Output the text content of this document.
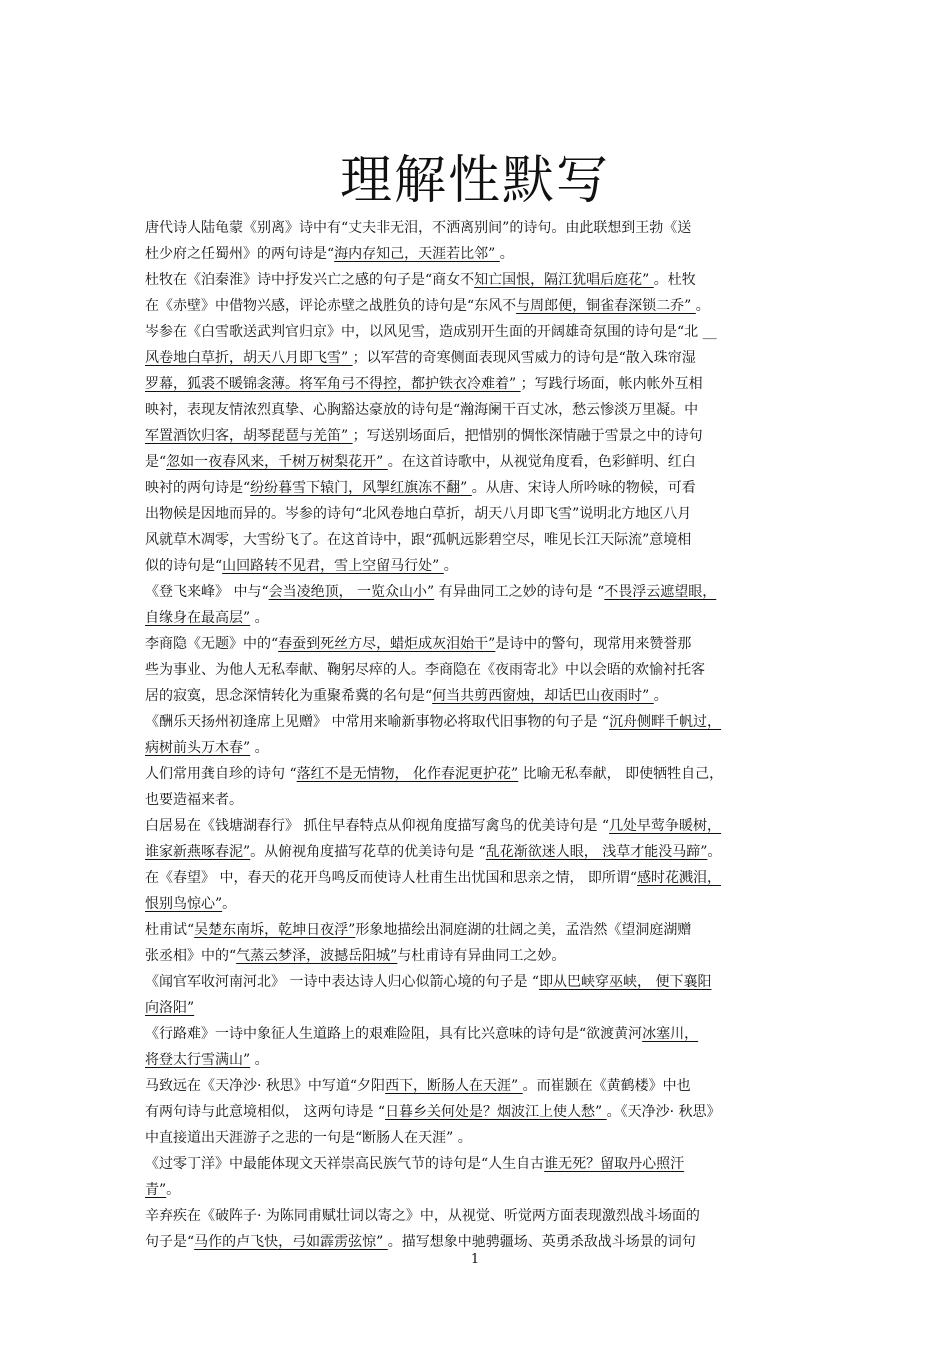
理解性默写
唐代诗人陆龟蒙《别离》诗中有“丈夫非无泪，不洒离别间”的诗句。由此联想到王勃《送
杜少府之任蜀州》的两句诗是“海内存知己，天涯若比邻” 。
杜牧在《泊秦淮》诗中抒发兴亡之感的句子是“商女不知亡国恨，隔江犹唱后庭花” 。杜牧
在《赤壁》中借物兴感，评论赤壁之战胜负的诗句是“东风不与周郎便，铜雀春深锁二乔” 。
岑参在《白雪歌送武判官归京》中，以风见雪，造成别开生面的开阔雄奇氛围的诗句是“北 __
风卷地白草折，胡天八月即飞雪” ；以军营的奇寒侧面表现风雪威力的诗句是“散入珠帘湿
罗幕，狐裘不暖锦衾薄。将军角弓不得控，都护铁衣冷难着” ；写践行场面，帐内帐外互相
映衬，表现友情浓烈真挚、心胸豁达豪放的诗句是“瀚海阑干百丈冰，愁云惨淡万里凝。中
军置酒饮归客，胡琴琵琶与羌笛” ；写送别场面后，把惜别的惆怅深情融于雪景之中的诗句
是“忽如一夜春风来，千树万树梨花开” 。在这首诗歌中，从视觉角度看，色彩鲜明、红白
映衬的两句诗是“纷纷暮雪下辕门，风掣红旗冻不翻” 。从唐、宋诗人所吟咏的物候，可看
出物候是因地而异的。岑参的诗句“北风卷地白草折，胡天八月即飞雪”说明北方地区八月
风就草木凋零，大雪纷飞了。在这首诗中，跟“孤帆远影碧空尽，唯见长江天际流”意境相
似的诗句是“山回路转不见君，雪上空留马行处” 。
《登飞来峰》 中与“会当凌绝顶， 一览众山小” 有异曲同工之妙的诗句是 “不畏浮云遮望眼，
自缘身在最高层” 。
李商隐《无题》中的“春蚕到死丝方尽，蜡炬成灰泪始干”是诗中的警句，现常用来赞誉那
些为事业、为他人无私奉献、鞠躬尽瘁的人。李商隐在《夜雨寄北》中以会晤的欢愉衬托客
居的寂寞，思念深情转化为重聚希冀的名句是“何当共剪西窗烛，却话巴山夜雨时” 。
《酬乐天扬州初逢席上见赠》 中常用来喻新事物必将取代旧事物的句子是 “沉舟侧畔千帆过，
病树前头万木春” 。
人们常用龚自珍的诗句 “落红不是无情物， 化作春泥更护花” 比喻无私奉献， 即使牺牲自己，
也要造福来者。
白居易在《钱塘湖春行》 抓住早春特点从仰视角度描写禽鸟的优美诗句是 “几处早莺争暖树，
谁家新燕啄春泥”。从俯视角度描写花草的优美诗句是 “乱花渐欲迷人眼， 浅草才能没马蹄”。
在《春望》 中，春天的花开鸟鸣反而使诗人杜甫生出忧国和思亲之情， 即所谓“感时花溅泪，
恨别鸟惊心”。
杜甫试“吴楚东南坼，乾坤日夜浮”形象地描绘出洞庭湖的壮阔之美，孟浩然《望洞庭湖赠
张丞相》中的“气蒸云梦泽，波撼岳阳城”与杜甫诗有异曲同工之妙。
《闻官军收河南河北》 一诗中表达诗人归心似箭心境的句子是 “即从巴峡穿巫峡， 便下襄阳
向洛阳”
《行路难》一诗中象征人生道路上的艰难险阻，具有比兴意味的诗句是“欲渡黄河冰塞川，
将登太行雪满山” 。
马致远在《天净沙· 秋思》中写道“夕阳西下，断肠人在天涯” 。而崔颢在《黄鹤楼》中也
有两句诗与此意境相似， 这两句诗是 “日暮乡关何处是？烟波江上使人愁” 。《天净沙· 秋思》
中直接道出天涯游子之悲的一句是“断肠人在天涯” 。
《过零丁洋》中最能体现文天祥崇高民族气节的诗句是“人生自古谁无死？留取丹心照汗
青”。
辛弃疾在《破阵子· 为陈同甫赋壮词以寄之》中，从视觉、听觉两方面表现激烈战斗场面的
句子是“马作的卢飞快，弓如霹雳弦惊” 。描写想象中驰骋疆场、英勇杀敌战斗场景的词句
1
